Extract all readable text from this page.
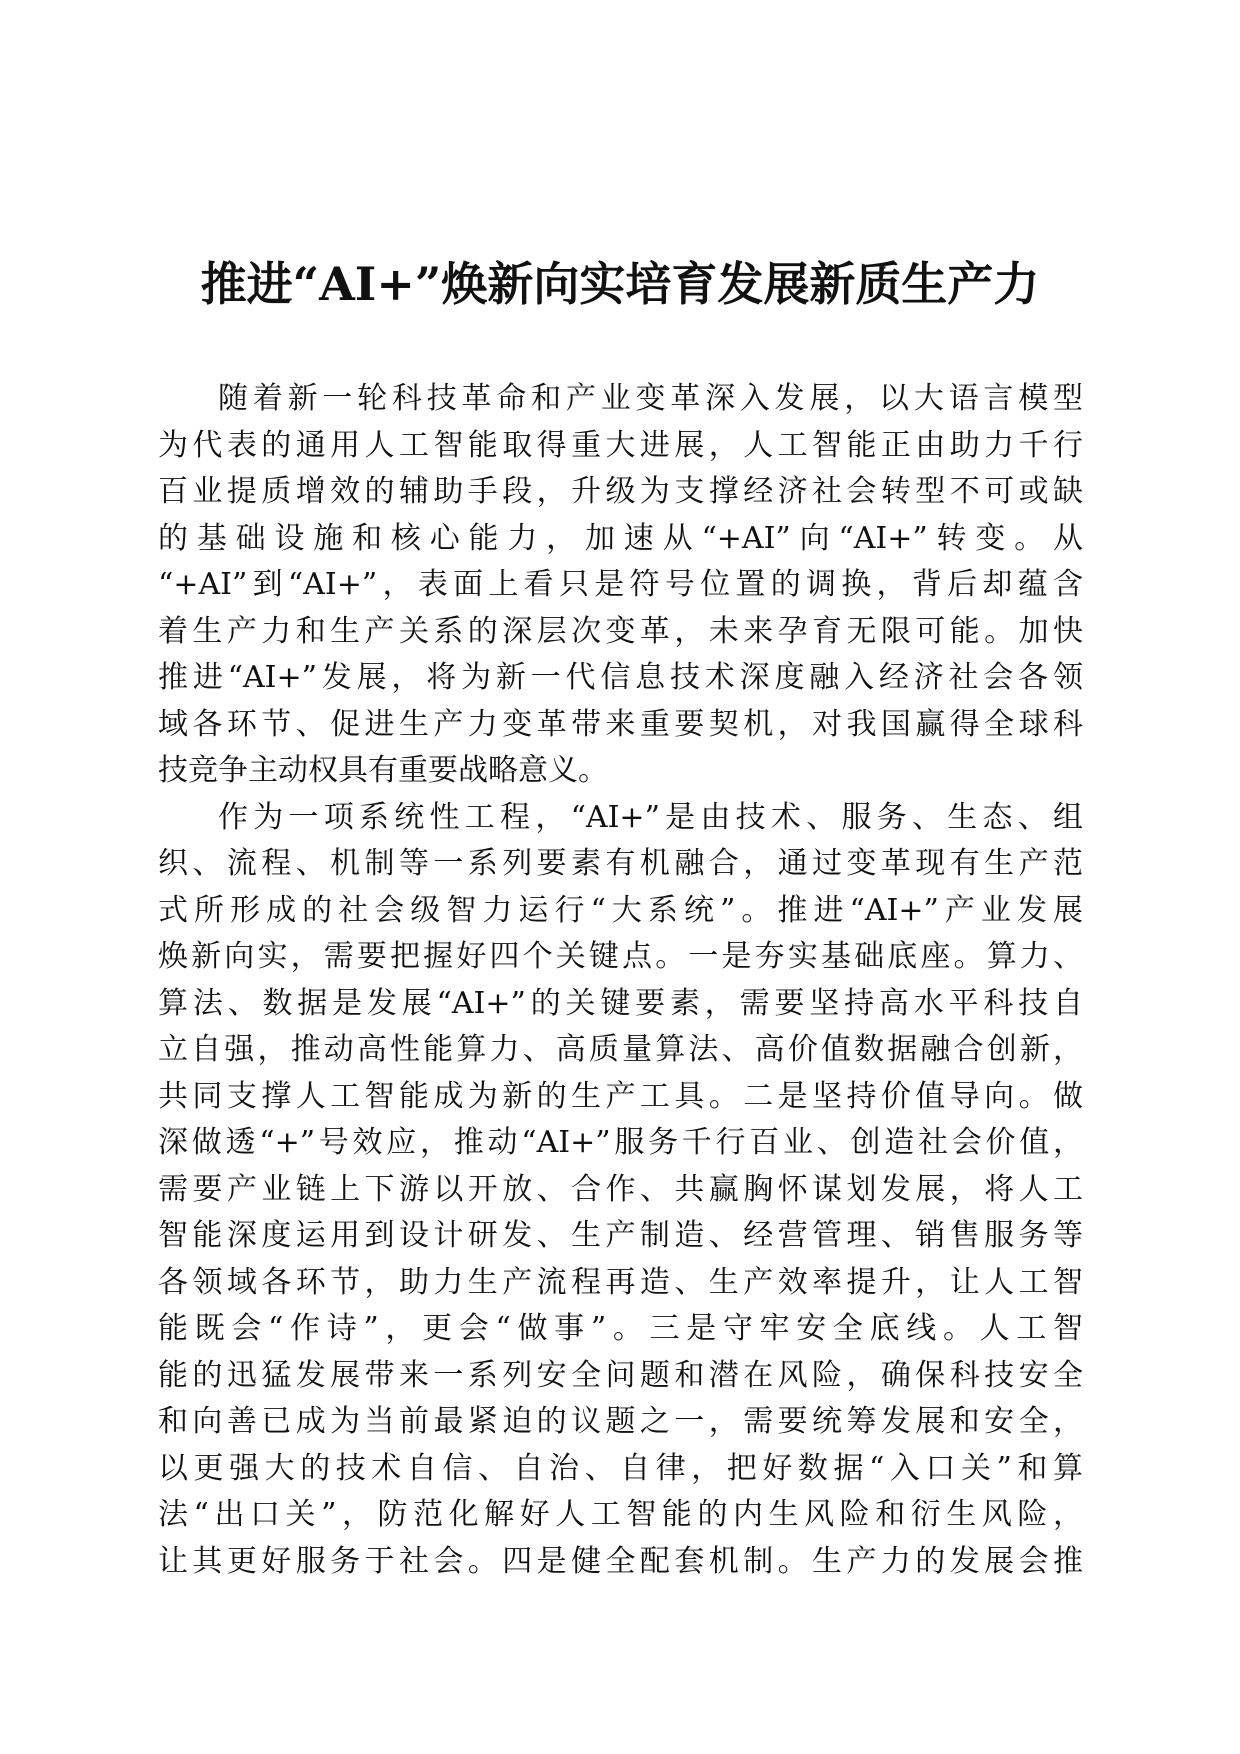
推进“AI+”焕新向实培育发展新质生产力

随着新一轮科技革命和产业变革深入发展，以大语言模型
为代表的通用人工智能取得重大进展，人工智能正由助力千行
百业提质增效的辅助手段，升级为支撑经济社会转型不可或缺
的基础设施和核心能力，加速从“+AI”向“AI+”转变。从
“+AI”到“AI+”，表面上看只是符号位置的调换，背后却蕴含
着生产力和生产关系的深层次变革，未来孕育无限可能。加快
推进“AI+”发展，将为新一代信息技术深度融入经济社会各领
域各环节、促进生产力变革带来重要契机，对我国赢得全球科
技竞争主动权具有重要战略意义。

作为一项系统性工程，“AI+”是由技术、服务、生态、组
织、流程、机制等一系列要素有机融合，通过变革现有生产范
式所形成的社会级智力运行“大系统”。推进“AI+”产业发展
焕新向实，需要把握好四个关键点。一是夯实基础底座。算力、
算法、数据是发展“AI+”的关键要素，需要坚持高水平科技自
立自强，推动高性能算力、高质量算法、高价值数据融合创新，
共同支撑人工智能成为新的生产工具。二是坚持价值导向。做
深做透“+”号效应，推动“AI+”服务千行百业、创造社会价值，
需要产业链上下游以开放、合作、共赢胸怀谋划发展，将人工
智能深度运用到设计研发、生产制造、经营管理、销售服务等
各领域各环节，助力生产流程再造、生产效率提升，让人工智
能既会“作诗”，更会“做事”。三是守牢安全底线。人工智
能的迅猛发展带来一系列安全问题和潜在风险，确保科技安全
和向善已成为当前最紧迫的议题之一，需要统筹发展和安全，
以更强大的技术自信、自治、自律，把好数据“入口关”和算
法“出口关”，防范化解好人工智能的内生风险和衍生风险，
让其更好服务于社会。四是健全配套机制。生产力的发展会推
